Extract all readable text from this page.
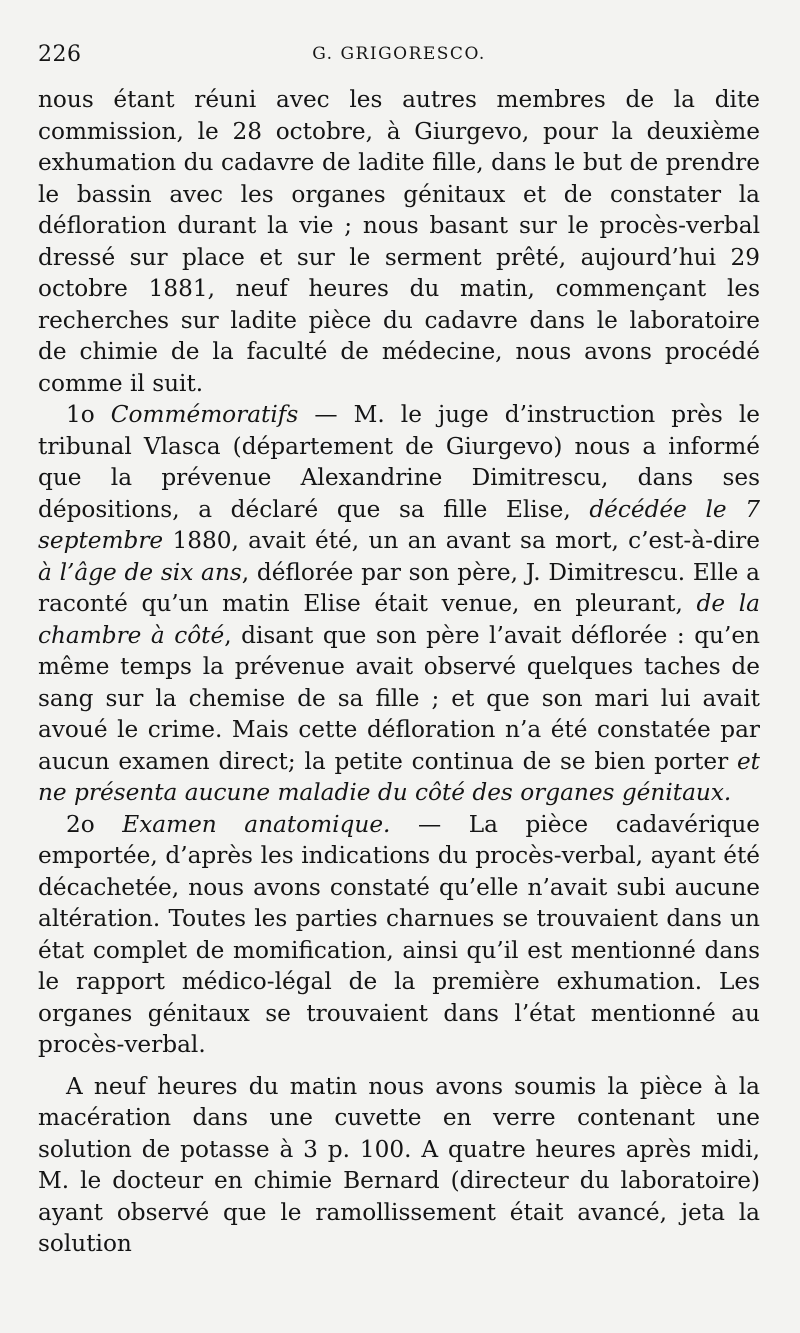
226	G. GRIGORESCO.

nous étant réuni avec les autres membres de la dite commission, le 28 octobre, à Giurgevo, pour la deuxième exhumation du cadavre de ladite fille, dans le but de prendre le bassin avec les organes génitaux et de constater la défloration durant la vie ; nous basant sur le procès-verbal dressé sur place et sur le serment prêté, aujourd’hui 29 octobre 1881, neuf heures du matin, commençant les recherches sur ladite pièce du cadavre dans le laboratoire de chimie de la faculté de médecine, nous avons procédé comme il suit.

1o Commémoratifs — M. le juge d’instruction près le tribunal Vlasca (département de Giurgevo) nous a informé que la prévenue Alexandrine Dimitrescu, dans ses dépositions, a déclaré que sa fille Elise, décédée le 7 septembre 1880, avait été, un an avant sa mort, c’est-à-dire à l’âge de six ans, déflorée par son père, J. Dimitrescu. Elle a raconté qu’un matin Elise était venue, en pleurant, de la chambre à côté, disant que son père l’avait déflorée : qu’en même temps la prévenue avait observé quelques taches de sang sur la chemise de sa fille ; et que son mari lui avait avoué le crime. Mais cette défloration n’a été constatée par aucun examen direct; la petite continua de se bien porter et ne présenta aucune maladie du côté des organes génitaux.

2o Examen anatomique. — La pièce cadavérique emportée, d’après les indications du procès-verbal, ayant été décachetée, nous avons constaté qu’elle n’avait subi aucune altération. Toutes les parties charnues se trouvaient dans un état complet de momification, ainsi qu’il est mentionné dans le rapport médico-légal de la première exhumation. Les organes génitaux se trouvaient dans l’état mentionné au procès-verbal.

A neuf heures du matin nous avons soumis la pièce à la macération dans une cuvette en verre contenant une solution de potasse à 3 p. 100. A quatre heures après midi, M. le docteur en chimie Bernard (directeur du laboratoire) ayant observé que le ramollissement était avancé, jeta la solution
